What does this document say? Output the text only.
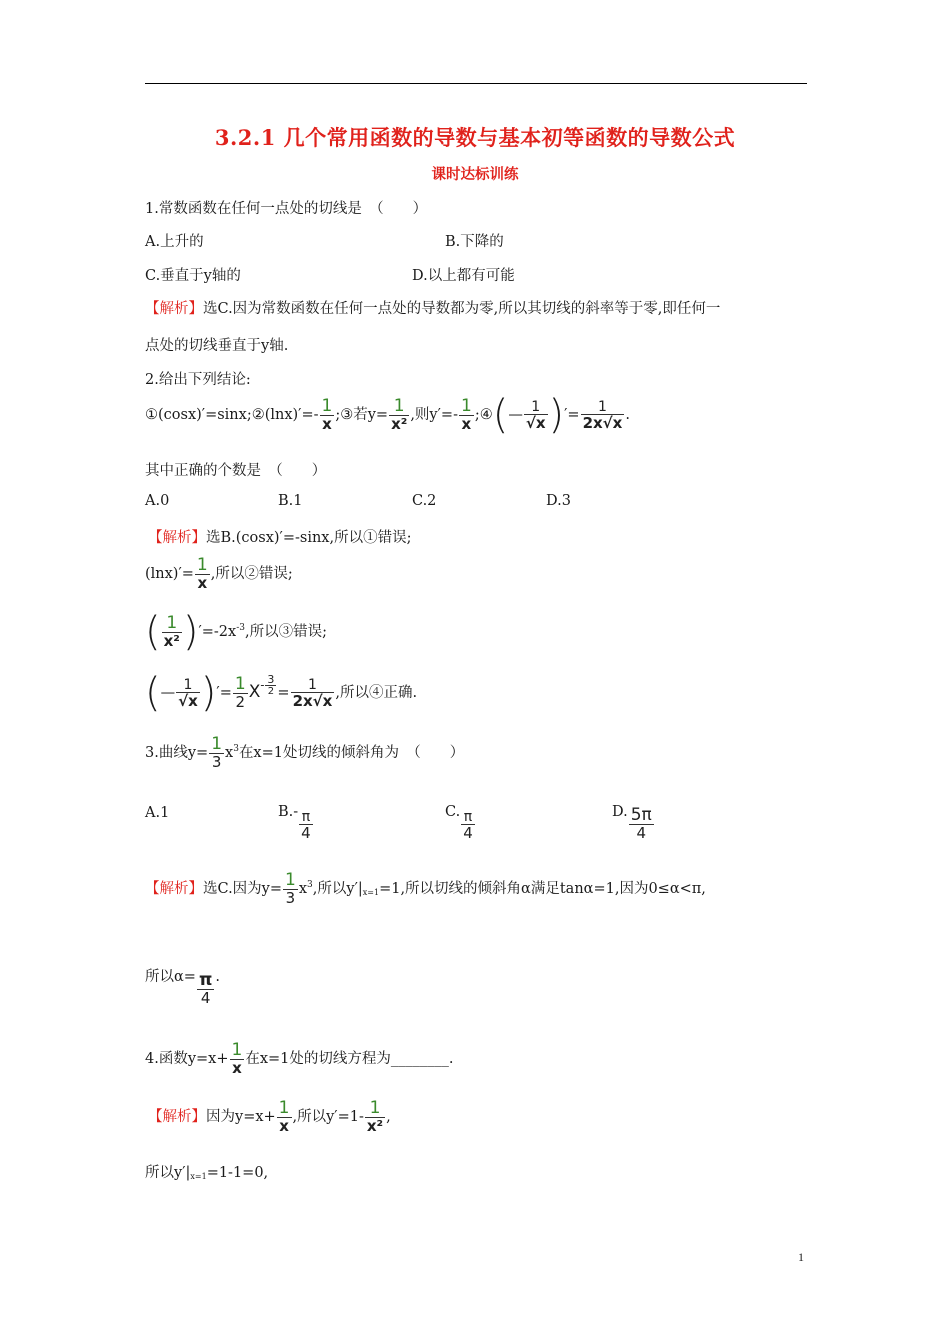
3.2.1 几个常用函数的导数与基本初等函数的导数公式
课时达标训练
1.常数函数在任何一点处的切线是　（　　）
A.上升的	B.下降的
C.垂直于y轴的	D.以上都有可能
【解析】选C.因为常数函数在任何一点处的导数都为零,所以其切线的斜率等于零,即任何一
点处的切线垂直于y轴.
2.给出下列结论:
①(cosx)′=sinx;②(lnx)′=- $\frac{1}{x}$ ;③若$y= \frac{1}{\text{x²}}$ ,则$y'=- \frac{1}{x}$ ;④(— $\frac{1}{√x}$ )′= $\frac{1}{2x√x}$ .
其中正确的个数是　（　　）
A.0	B.1	C.2	D.3
【解析】选B.(cosx)′=-sinx,所以①错误;
$(\ln x)'= \frac{1}{x}$ ,所以②错误;
( $\frac{1}{\text{x²}} )'=-2x^{-3}$,所以③错误;
(— $\frac{1}{√x}$ )′= $\frac{1}{2} X^{- \frac{3}{2}} = \frac{1}{2x√x}$ ,所以④正确.
3.曲线$y= \frac{1}{3} x^3$在x=1处切线的倾斜角为　（　　）
A.1	$B.- \frac{\pi}{4}$	C. $\frac{\pi}{4}$	D. $\frac{5\pi}{4}$
【解析】选C.因为$y= \frac{1}{3} x^3$,所以$y'|_{x=1}=1$,所以切线的倾斜角α满足tanα=1,因为0≤α<π,
所以$\alpha= \frac{\pi}{4}$ .
4.函数$y=x+ \frac{1}{x}$ 在x=1处的切线方程为________.
【解析】因为$y=x+ \frac{1}{x}$ ,所以$y'=1- \frac{1}{\text{x²}}$ ,
所以$y'|_{x=1}=1-1=0$,
1
